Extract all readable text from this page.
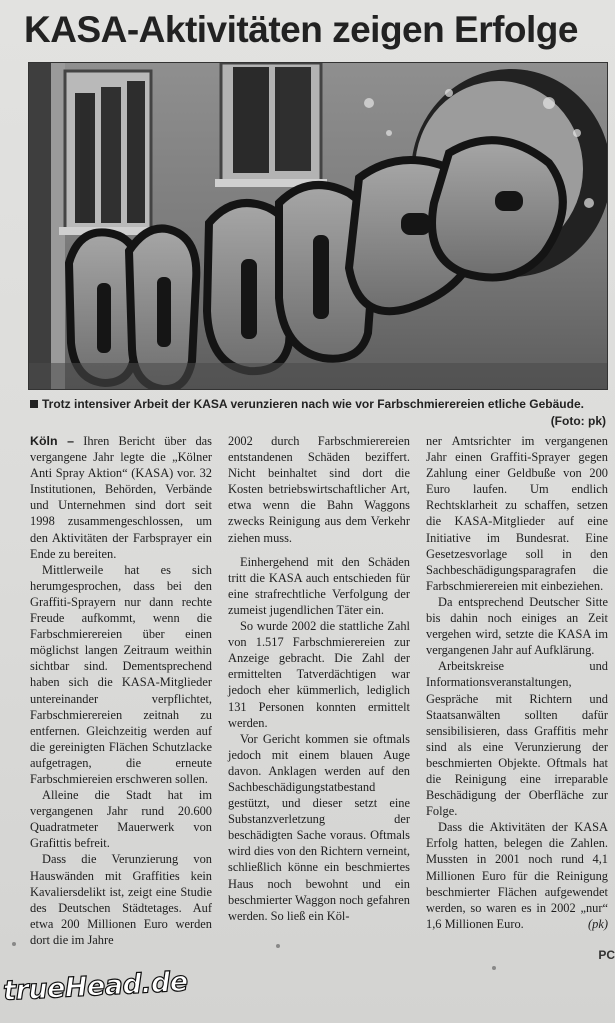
KASA-Aktivitäten zeigen Erfolge
Trotz intensiver Arbeit der KASA verunzieren nach wie vor Farbschmierereien etliche Gebäude.
(Foto: pk)

Köln – Ihren Bericht über das vergangene Jahr legte die „Kölner Anti Spray Aktion“ (KASA) vor. 32 Institutionen, Behörden, Verbände und Unternehmen sind dort seit 1998 zusammengeschlossen, um den Aktivitäten der Farbsprayer ein Ende zu bereiten.

Mittlerweile hat es sich herumgesprochen, dass bei den Graffiti-Sprayern nur dann rechte Freude aufkommt, wenn die Farbschmierereien über einen möglichst langen Zeitraum weithin sichtbar sind. Dementsprechend haben sich die KASA-Mitglieder untereinander verpflichtet, Farbschmierereien zeitnah zu entfernen. Gleichzeitig werden auf die gereinigten Flächen Schutzlacke aufgetragen, die erneute Farbschmiereien erschweren sollen.

Alleine die Stadt hat im vergangenen Jahr rund 20.600 Quadratmeter Mauerwerk von Grafittis befreit.

Dass die Verunzierung von Hauswänden mit Graffities kein Kavaliersdelikt ist, zeigt eine Studie des Deutschen Städtetages. Auf etwa 200 Millionen Euro werden dort die im Jahre

2002 durch Farbschmierereien entstandenen Schäden beziffert. Nicht beinhaltet sind dort die Kosten betriebswirtschaftlicher Art, etwa wenn die Bahn Waggons zwecks Reinigung aus dem Verkehr ziehen muss.

Einhergehend mit den Schäden tritt die KASA auch entschieden für eine strafrechtliche Verfolgung der zumeist jugendlichen Täter ein.

So wurde 2002 die stattliche Zahl von 1.517 Farbschmierereien zur Anzeige gebracht. Die Zahl der ermittelten Tatverdächtigen war jedoch eher kümmerlich, lediglich 131 Personen konnten ermittelt werden.

Vor Gericht kommen sie oftmals jedoch mit einem blauen Auge davon. Anklagen werden auf den Sachbeschädigungstatbestand gestützt, und dieser setzt eine Substanzverletzung der beschädigten Sache voraus. Oftmals wird dies von den Richtern verneint, schließlich könne ein beschmiertes Haus noch bewohnt und ein beschmierter Waggon noch gefahren werden. So ließ ein Köl-

ner Amtsrichter im vergangenen Jahr einen Graffiti-Sprayer gegen Zahlung einer Geldbuße von 200 Euro laufen. Um endlich Rechtsklarheit zu schaffen, setzen die KASA-Mitglieder auf eine Initiative im Bundesrat. Eine Gesetzesvorlage soll in den Sachbeschädigungsparagrafen die Farbschmierereien mit einbeziehen.

Da entsprechend Deutscher Sitte bis dahin noch einiges an Zeit vergehen wird, setzte die KASA im vergangenen Jahr auf Aufklärung.

Arbeitskreise und Informationsveranstaltungen, Gespräche mit Richtern und Staatsanwälten sollten dafür sensibilisieren, dass Graffitis mehr sind als eine Verunzierung der beschmierten Objekte. Oftmals hat die Reinigung eine irreparable Beschädigung der Oberfläche zur Folge.

Dass die Aktivitäten der KASA Erfolg hatten, belegen die Zahlen. Mussten in 2001 noch rund 4,1 Millionen Euro für die Reinigung beschmierter Flächen aufgewendet werden, so waren es in 2002 „nur“ 1,6 Millionen Euro.	(pk)

PC
trueHead.de
